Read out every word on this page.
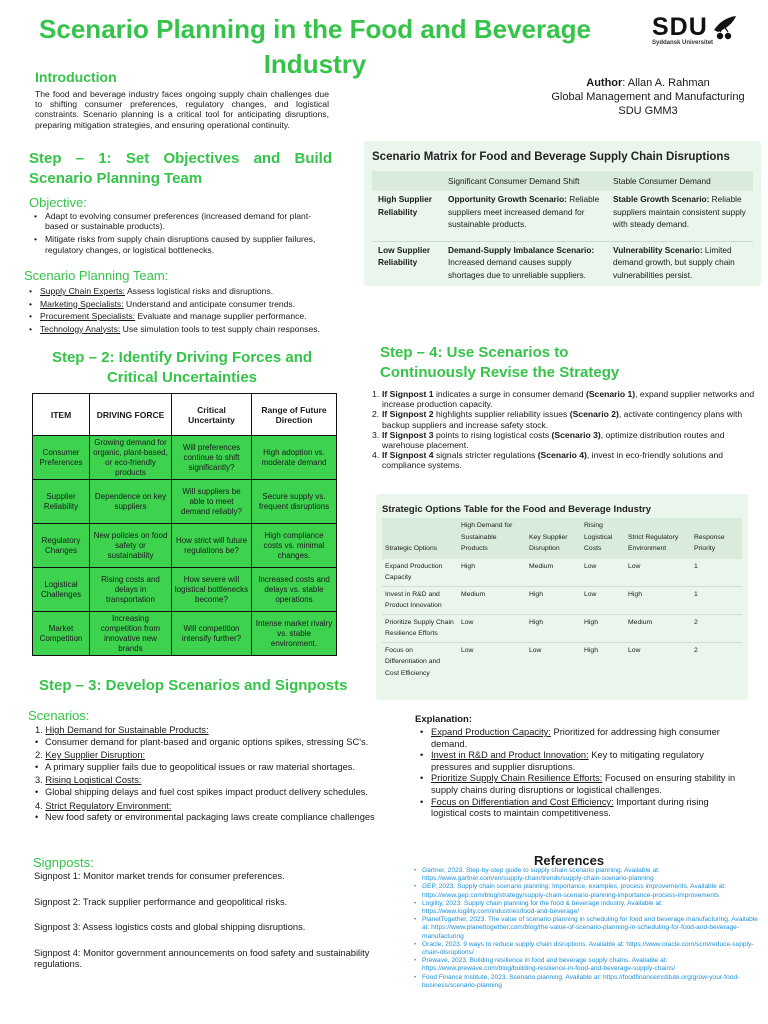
Scenario Planning in the Food and Beverage Industry
SDU
Syddansk Universitet
Author: Allan A. Rahman
Global Management and Manufacturing
SDU GMM3
Introduction
The food and beverage industry faces ongoing supply chain challenges due to shifting consumer preferences, regulatory changes, and logistical constraints. Scenario planning is a critical tool for anticipating disruptions, preparing mitigation strategies, and ensuring operational continuity.
Step – 1: Set Objectives and Build Scenario Planning Team
Objective:
• Adapt to evolving consumer preferences (increased demand for plant-based or sustainable products).
• Mitigate risks from supply chain disruptions caused by supplier failures, regulatory changes, or logistical bottlenecks.
Scenario Planning Team:
• Supply Chain Experts: Assess logistical risks and disruptions.
• Marketing Specialists: Understand and anticipate consumer trends.
• Procurement Specialists: Evaluate and manage supplier performance.
• Technology Analysts: Use simulation tools to test supply chain responses.
Scenario Matrix for Food and Beverage Supply Chain Disruptions
	Significant Consumer Demand Shift	Stable Consumer Demand
High Supplier Reliability	Opportunity Growth Scenario: Reliable suppliers meet increased demand for sustainable products.	Stable Growth Scenario: Reliable suppliers maintain consistent supply with steady demand.
Low Supplier Reliability	Demand-Supply Imbalance Scenario: Increased demand causes supply shortages due to unreliable suppliers.	Vulnerability Scenario: Limited demand growth, but supply chain vulnerabilities persist.
Step – 2: Identify Driving Forces and
Critical Uncertainties
ITEM	DRIVING FORCE	Critical Uncertainty	Range of Future Direction
Consumer Preferences	Growing demand for organic, plant-based, or eco-friendly products	Will preferences continue to shift significantly?	High adoption vs. moderate demand
Supplier Reliability	Dependence on key suppliers	Will suppliers be able to meet demand reliably?	Secure supply vs. frequent disruptions
Regulatory Changes	New policies on food safety or sustainability	How strict will future regulations be?	High compliance costs vs. minimal changes.
Logistical Challenges	Rising costs and delays in transportation	How severe will logistical bottlenecks become?	Increased costs and delays vs. stable operations
Market Competition	Increasing competition from innovative new brands	Will competition intensify further?	Intense market rivalry vs. stable environment.
Step – 4: Use Scenarios to
Continuously Revise the Strategy
1. If Signpost 1 indicates a surge in consumer demand (Scenario 1), expand supplier networks and increase production capacity.
2. If Signpost 2 highlights supplier reliability issues (Scenario 2), activate contingency plans with backup suppliers and increase safety stock.
3. If Signpost 3 points to rising logistical costs (Scenario 3), optimize distribution routes and warehouse placement.
4. If Signpost 4 signals stricter regulations (Scenario 4), invest in eco-friendly solutions and compliance systems.
Strategic Options Table for the Food and Beverage Industry
Strategic Options	High Demand for Sustainable Products	Key Supplier Disruption	Rising Logistical Costs	Strict Regulatory Environment	Response Priority
Expand Production Capacity	High	Medium	Low	Low	1
Invest in R&D and Product Innovation	Medium	High	Low	High	1
Prioritize Supply Chain Resilience Efforts	Low	High	High	Medium	2
Focus on Differentiation and Cost Efficiency	Low	Low	High	Low	2
Step – 3: Develop Scenarios and Signposts
Scenarios:
1. High Demand for Sustainable Products:
• Consumer demand for plant-based and organic options spikes, stressing SC's.
2. Key Supplier Disruption:
• A primary supplier fails due to geopolitical issues or raw material shortages.
3. Rising Logistical Costs:
• Global shipping delays and fuel cost spikes impact product delivery schedules.
4. Strict Regulatory Environment:
• New food safety or environmental packaging laws create compliance challenges
Signposts:
Signpost 1: Monitor market trends for consumer preferences.
Signpost 2: Track supplier performance and geopolitical risks.
Signpost 3: Assess logistics costs and global shipping disruptions.
Signpost 4: Monitor government announcements on food safety and sustainability regulations.
Explanation:
• Expand Production Capacity: Prioritized for addressing high consumer demand.
• Invest in R&D and Product Innovation: Key to mitigating regulatory pressures and supplier disruptions.
• Prioritize Supply Chain Resilience Efforts: Focused on ensuring stability in supply chains during disruptions or logistical challenges.
• Focus on Differentiation and Cost Efficiency: Important during rising logistical costs to maintain competitiveness.
References
• Gartner, 2023. Step-by-step guide to supply chain scenario planning. Available at: https://www.gartner.com/en/supply-chain/trends/supply-chain-scenario-planning
• GEP, 2023. Supply chain scenario planning: Importance, examples, process improvements. Available at: https://www.gep.com/blog/strategy/supply-chain-scenario-planning-importance-process-improvements
• Logility, 2023. Supply chain planning for the food & beverage industry. Available at: https://www.logility.com/industries/food-and-beverage/
• PlanetTogether, 2023. The value of scenario planning in scheduling for food and beverage manufacturing. Available at: https://www.planettogether.com/blog/the-value-of-scenario-planning-in-scheduling-for-food-and-beverage-manufacturing
• Oracle, 2023. 9 ways to reduce supply chain disruptions. Available at: https://www.oracle.com/scm/reduce-supply-chain-disruptions/
• Prewave, 2023. Building resilience in food and beverage supply chains. Available at: https://www.prewave.com/blog/building-resilience-in-food-and-beverage-supply-chains/
• Food Finance Institute, 2023. Scenario planning. Available at: https://foodfinanceinstitute.org/grow-your-food-business/scenario-planning
